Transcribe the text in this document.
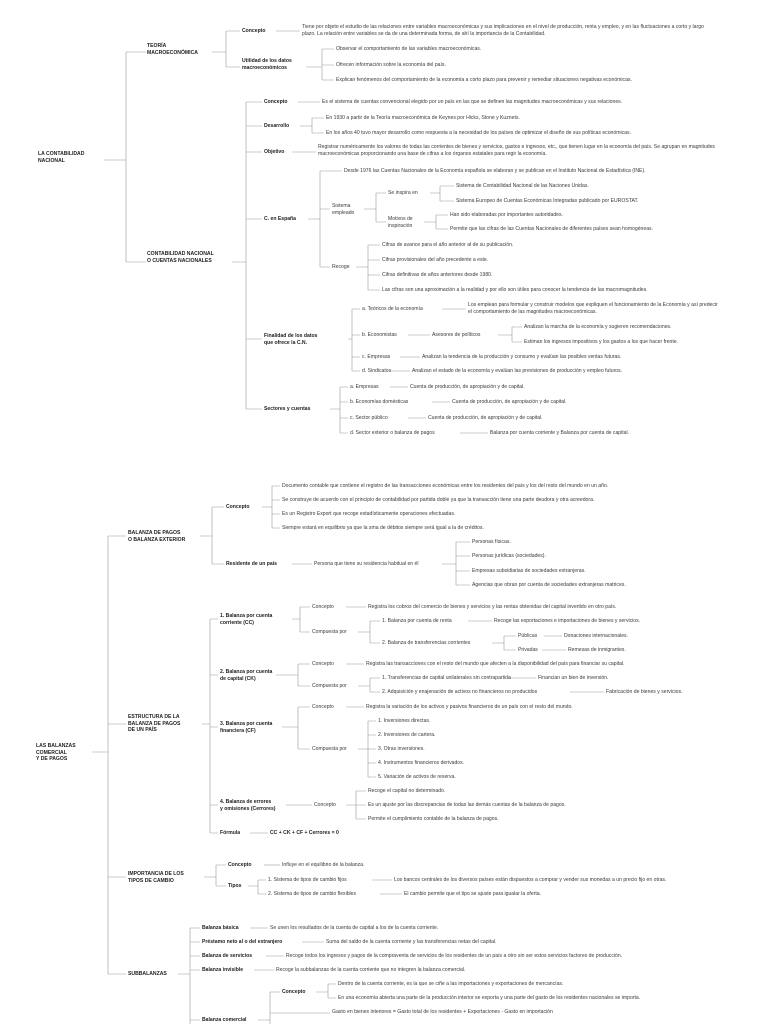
LA CONTABILIDAD
NACIONAL
TEORÍA
MACROECONÓMICA
Concepto
Tiene por objeto el estudio de las relaciones entre variables macroeconómicas y sus implicaciones en el nivel de producción, renta y empleo, y en las fluctuaciones a corto y largo plazo. La relación entre variables se da de una determinada forma, de ahí la importancia de la Contabilidad.
Utilidad de los datos
macroeconómicos
Observar el comportamiento de las variables macroeconómicas.
Ofrecen información sobre la economía del país.
Explican fenómenos del comportamiento de la economía a corto plazo para prevenir y remediar situaciones negativas económicas.
CONTABILIDAD NACIONAL
O CUENTAS NACIONALES
Concepto	Es el sistema de cuentas convencional elegido por un país en las que se definen las magnitudes macroeconómicas y sus relaciones.
Desarrollo
En 1930 a partir de la Teoría macroeconómica de Keynes por Hicks, Stone y Kuznets.
En los años 40 tuvo mayor desarrollo como respuesta a la necesidad de los países de optimizar el diseño de sus políticas económicas.
Objetivo
Registrar numéricamente los valores de todas las corrientes de bienes y servicios, gastos e ingresos, etc., que tienen lugar en la economía del país. Se agrupan en magnitudes macroeconómicas proporcionando una base de cifras a los órganos estatales para regir la economía.
C. en España
Desde 1976 las Cuentas Nacionales de la Economía española se elaboran y se publican en el Instituto Nacional de Estadística (INE).
Sistema
empleado
Se inspira en
Sistema de Contabilidad Nacional de las Naciones Unidas.
Sistema Europeo de Cuentas Económicas Integradas publicado por EUROSTAT.
Motivos de
inspiración
Han sido elaboradas por importantes autoridades.
Permite que las cifras de las Cuentas Nacionales de diferentes países sean homogéneas.
Recoge
Cifras de avance para el año anterior al de su publicación.
Cifras provisionales del año precedente a este.
Cifras definitivas de años anteriores desde 1980.
Las cifras son una aproximación a la realidad y por ello son útiles para conocer la tendencia de las macromagnitudes.
Finalidad de los datos
que ofrece la C.N.
a. Teóricos de la economía
Los emplean para formular y construir modelos que expliquen el funcionamiento de la Economía y así predecir el comportamiento de las magnitudes macroeconómicas.
b. Economistas	Asesores de políticos
Analizan la marcha de la economía y sugieren recomendaciones.
Estiman los ingresos impositivos y los gastos a los que hacer frente.
c. Empresas	Analizan la tendencia de la producción y consumo y evalúan las posibles ventas futuras.
d. Sindicatos	Analizan el estado de la economía y evalúan las previsiones de producción y empleo futuros.
Sectores y cuentas
a. Empresas	Cuenta de producción, de apropiación y de capital.
b. Economías domésticas	Cuenta de producción, de apropiación y de capital.
c. Sector público	Cuenta de producción, de apropiación y de capital.
d. Sector exterior o balanza de pagos	Balanza por cuenta corriente y Balanza por cuenta de capital.
LAS BALANZAS
COMERCIAL
Y DE PAGOS
BALANZA DE PAGOS
O BALANZA EXTERIOR
Concepto
Documento contable que contiene el registro de las transacciones económicas entre los residentes del país y los del resto del mundo en un año.
Se construye de acuerdo con el principio de contabilidad por partida doble ya que la transacción tiene una parte deudora y otra acreedora.
Es un Registro Export que recoge estadísticamente operaciones efectuadas.
Siempre estará en equilibrio ya que la sma de débitos siempre será igual a la de créditos.
Residente de un país	Persona que tiene su residencia habitual en él
Personas físicas.
Personas jurídicas (sociedades).
Empresas subsidiarias de sociedades extranjeras.
Agencias que obran por cuenta de sociedades extranjeras matrices.
ESTRUCTURA DE LA
BALANZA DE PAGOS
DE UN PAÍS
1. Balanza por cuenta
corriente (CC)
Concepto	Registra los cobros del comercio de bienes y servicios y las rentas obtenidas del capital invertido en otro país.
Compuesta por
1. Balanza por cuenta de renta	Recoge las exportaciones e importaciones de bienes y servicios.
2. Balanza de transferencias corrientes
Públicas	Donaciones internacionales.
Privadas	Remesas de inmigrantes.
2. Balanza por cuenta
de capital (CK)
Concepto	Registra las transacciones con el resto del mundo que afecten a la disponibilidad del país para financiar su capital.
Compuesta por
1. Transferencias de capital unilaterales sin contrapartida	Financian un bien de inversión.
2. Adquisición y enajenación de activos no financieros no producidos	Fabricación de bienes y servicios.
3. Balanza por cuenta
financiera (CF)
Concepto	Registra la variación de los activos y pasivos financieros de un país con el resto del mundo.
Compuesta por
1. Inversiones directas.
2. Inversiones de cartera.
3. Otras inversiones.
4. Instrumentos financieros derivados.
5. Variación de activos de reserva.
4. Balanza de errores
y omisiones (Cerrores)
Concepto
Recoge el capital no determinado.
Es un ajuste por las discrepancias de todas las demás cuentas de la balanza de pagos.
Permite el cumplimiento contable de la balanza de pagos.
Fórmula	CC + CK + CF + Cerrores = 0
IMPORTANCIA DE LOS
TIPOS DE CAMBIO
Concepto	Influye en el equilibrio de la balanza.
Tipos
1. Sistema de tipos de cambio fijos	Los bancos centrales de los diversos países están dispuestos a comprar y vender sus monedas a un precio fijo en otras.
2. Sistema de tipos de cambio flexibles	El cambio permite que el tipo se ajuste para igualar la oferta.
SUBBALANZAS
Balanza básica	Se unen los resultados de la cuenta de capital a los de la cuenta corriente.
Préstamo neto al o del extranjero	Suma del saldo de la cuenta corriente y las transferencias netas del capital.
Balanza de servicios	Recoge todos los ingresos y pagos de la compraventa de servicios de los residentes de un país a otro sin ser estos servicios factores de producción.
Balanza invisible	Recoge la subbalanzas de la cuenta corriente que no integren la balanza comercial.
Balanza comercial
Concepto
Dentro de la cuenta corriente, es la que se ciñe a las importaciones y exportaciones de mercancías.
En una economía abierta una parte de la producción interior se exporta y una parte del gasto de los residentes nacionales se importa.
Gasto en bienes interiores = Gasto total de los residentes + Exportaciones - Gasto en importación
